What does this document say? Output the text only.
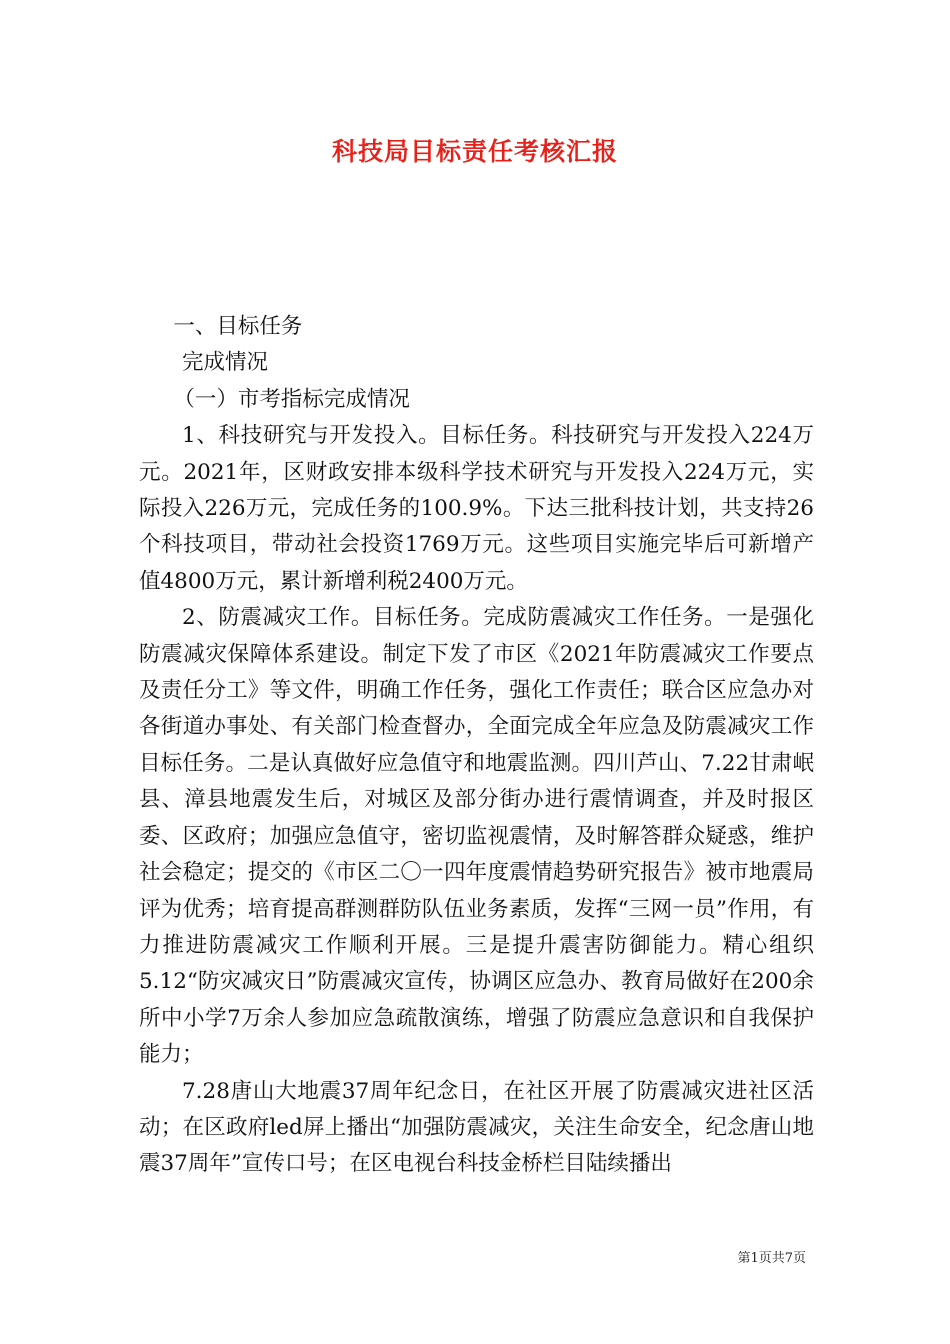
科技局目标责任考核汇报

一、目标任务

完成情况

（一）市考指标完成情况

1、科技研究与开发投入。目标任务。科技研究与开发投入224万元。2021年，区财政安排本级科学技术研究与开发投入224万元，实际投入226万元，完成任务的100.9%。下达三批科技计划，共支持26个科技项目，带动社会投资1769万元。这些项目实施完毕后可新增产值4800万元，累计新增利税2400万元。

2、防震减灾工作。目标任务。完成防震减灾工作任务。一是强化防震减灾保障体系建设。制定下发了市区《2021年防震减灾工作要点及责任分工》等文件，明确工作任务，强化工作责任；联合区应急办对各街道办事处、有关部门检查督办，全面完成全年应急及防震减灾工作目标任务。二是认真做好应急值守和地震监测。四川芦山、7.22甘肃岷县、漳县地震发生后，对城区及部分街办进行震情调查，并及时报区委、区政府；加强应急值守，密切监视震情，及时解答群众疑惑，维护社会稳定；提交的《市区二〇一四年度震情趋势研究报告》被市地震局评为优秀；培育提高群测群防队伍业务素质，发挥“三网一员”作用，有力推进防震减灾工作顺利开展。三是提升震害防御能力。精心组织5.12“防灾减灾日”防震减灾宣传，协调区应急办、教育局做好在200余所中小学7万余人参加应急疏散演练，增强了防震应急意识和自我保护能力；

7.28唐山大地震37周年纪念日，在社区开展了防震减灾进社区活动；在区政府led屏上播出“加强防震减灾，关注生命安全，纪念唐山地震37周年”宣传口号；在区电视台科技金桥栏目陆续播出

第1页共7页
